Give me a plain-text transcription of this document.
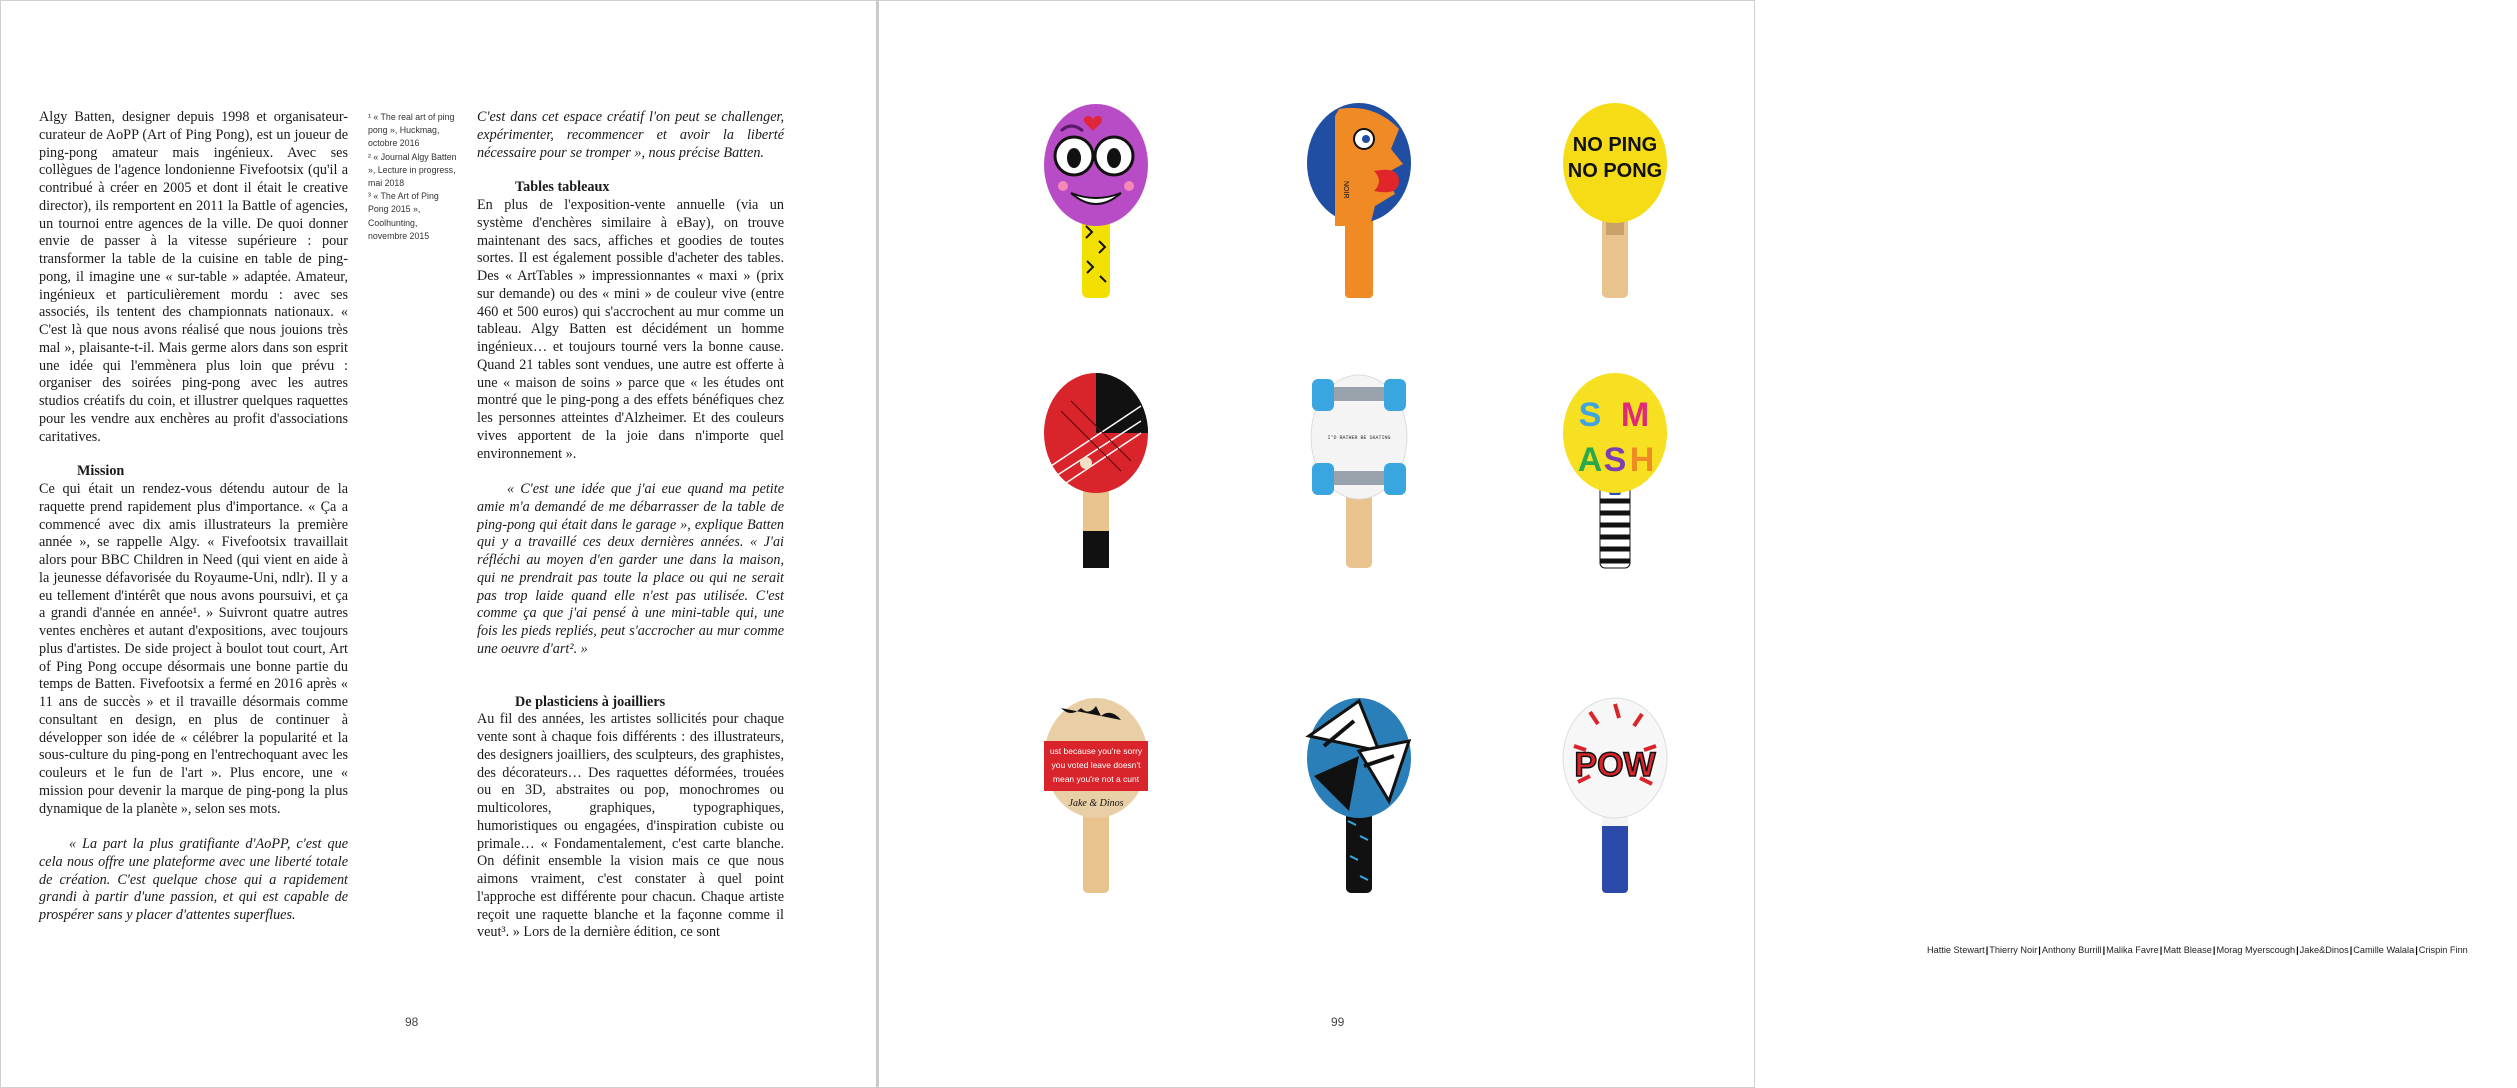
Algy Batten, designer depuis 1998 et organisateur-curateur de AoPP (Art of Ping Pong), est un joueur de ping-pong amateur mais ingénieux. Avec ses collègues de l'agence londonienne Fivefootsix (qu'il a contribué à créer en 2005 et dont il était le creative director), ils remportent en 2011 la Battle of agencies, un tournoi entre agences de la ville. De quoi donner envie de passer à la vitesse supérieure : pour transformer la table de la cuisine en table de ping-pong, il imagine une « sur-table » adaptée. Amateur, ingénieux et particulièrement mordu : avec ses associés, ils tentent des championnats nationaux. « C'est là que nous avons réalisé que nous jouions très mal », plaisante-t-il. Mais germe alors dans son esprit une idée qui l'emmènera plus loin que prévu : organiser des soirées ping-pong avec les autres studios créatifs du coin, et illustrer quelques raquettes pour les vendre aux enchères au profit d'associations caritatives.

Mission

Ce qui était un rendez-vous détendu autour de la raquette prend rapidement plus d'importance. « Ça a commencé avec dix amis illustrateurs la première année », se rappelle Algy. « Fivefootsix travaillait alors pour BBC Children in Need (qui vient en aide à la jeunesse défavorisée du Royaume-Uni, ndlr). Il y a eu tellement d'intérêt que nous avons poursuivi, et ça a grandi d'année en année¹. » Suivront quatre autres ventes enchères et autant d'expositions, avec toujours plus d'artistes. De side project à boulot tout court, Art of Ping Pong occupe désormais une bonne partie du temps de Batten. Fivefootsix a fermé en 2016 après « 11 ans de succès » et il travaille désormais comme consultant en design, en plus de continuer à développer son idée de « célébrer la popularité et la sous-culture du ping-pong en l'entrechoquant avec les couleurs et le fun de l'art ». Plus encore, une « mission pour devenir la marque de ping-pong la plus dynamique de la planète », selon ses mots.

« La part la plus gratifiante d'AoPP, c'est que cela nous offre une plateforme avec une liberté totale de création. C'est quelque chose qui a rapidement grandi à partir d'une passion, et qui est capable de prospérer sans y placer d'attentes superflues.

¹ « The real art of ping pong », Huckmag, octobre 2016
² « Journal Algy Batten », Lecture in progress, mai 2018
³ « The Art of Ping Pong 2015 », Coolhunting, novembre 2015

C'est dans cet espace créatif l'on peut se challenger, expérimenter, recommencer et avoir la liberté nécessaire pour se tromper », nous précise Batten.

Tables tableaux

En plus de l'exposition-vente annuelle (via un système d'enchères similaire à eBay), on trouve maintenant des sacs, affiches et goodies de toutes sortes. Il est également possible d'acheter des tables. Des « ArtTables » impressionnantes « maxi » (prix sur demande) ou des « mini » de couleur vive (entre 460 et 500 euros) qui s'accrochent au mur comme un tableau. Algy Batten est décidément un homme ingénieux… et toujours tourné vers la bonne cause. Quand 21 tables sont vendues, une autre est offerte à une « maison de soins » parce que « les études ont montré que le ping-pong a des effets bénéfiques chez les personnes atteintes d'Alzheimer. Et des couleurs vives apportent de la joie dans n'importe quel environnement ».

« C'est une idée que j'ai eue quand ma petite amie m'a demandé de me débarrasser de la table de ping-pong qui était dans le garage », explique Batten qui y a travaillé ces deux dernières années. « J'ai réfléchi au moyen d'en garder une dans la maison, qui ne prendrait pas toute la place ou qui ne serait pas trop laide quand elle n'est pas utilisée. C'est comme ça que j'ai pensé à une mini-table qui, une fois les pieds repliés, peut s'accrocher au mur comme une oeuvre d'art². »

De plasticiens à joailliers

Au fil des années, les artistes sollicités pour chaque vente sont à chaque fois différents : des illustrateurs, des designers joailliers, des sculpteurs, des graphistes, des décorateurs… Des raquettes déformées, trouées ou en 3D, abstraites ou pop, monochromes ou multicolores, graphiques, typographiques, humoristiques ou engagées, d'inspiration cubiste ou primale… « Fondamentalement, c'est carte blanche. On définit ensemble la vision mais ce que nous aimons vraiment, c'est constater à quel point l'approche est différente pour chacun. Chaque artiste reçoit une raquette blanche et la façonne comme il veut³. » Lors de la dernière édition, ce sont

98
NOIR
NO PING
NO PONG
I'D RATHER BE SKATING
S M
A S H
ust because you're sorry
you voted leave doesn't
mean you're not a cunt
Jake & Dinos
POW
Hattie Stewart|Thierry Noir|Anthony Burrill|Malika Favre|Matt Blease|Morag Myerscough|Jake&Dinos|Camille Walala|Crispin Finn
99
